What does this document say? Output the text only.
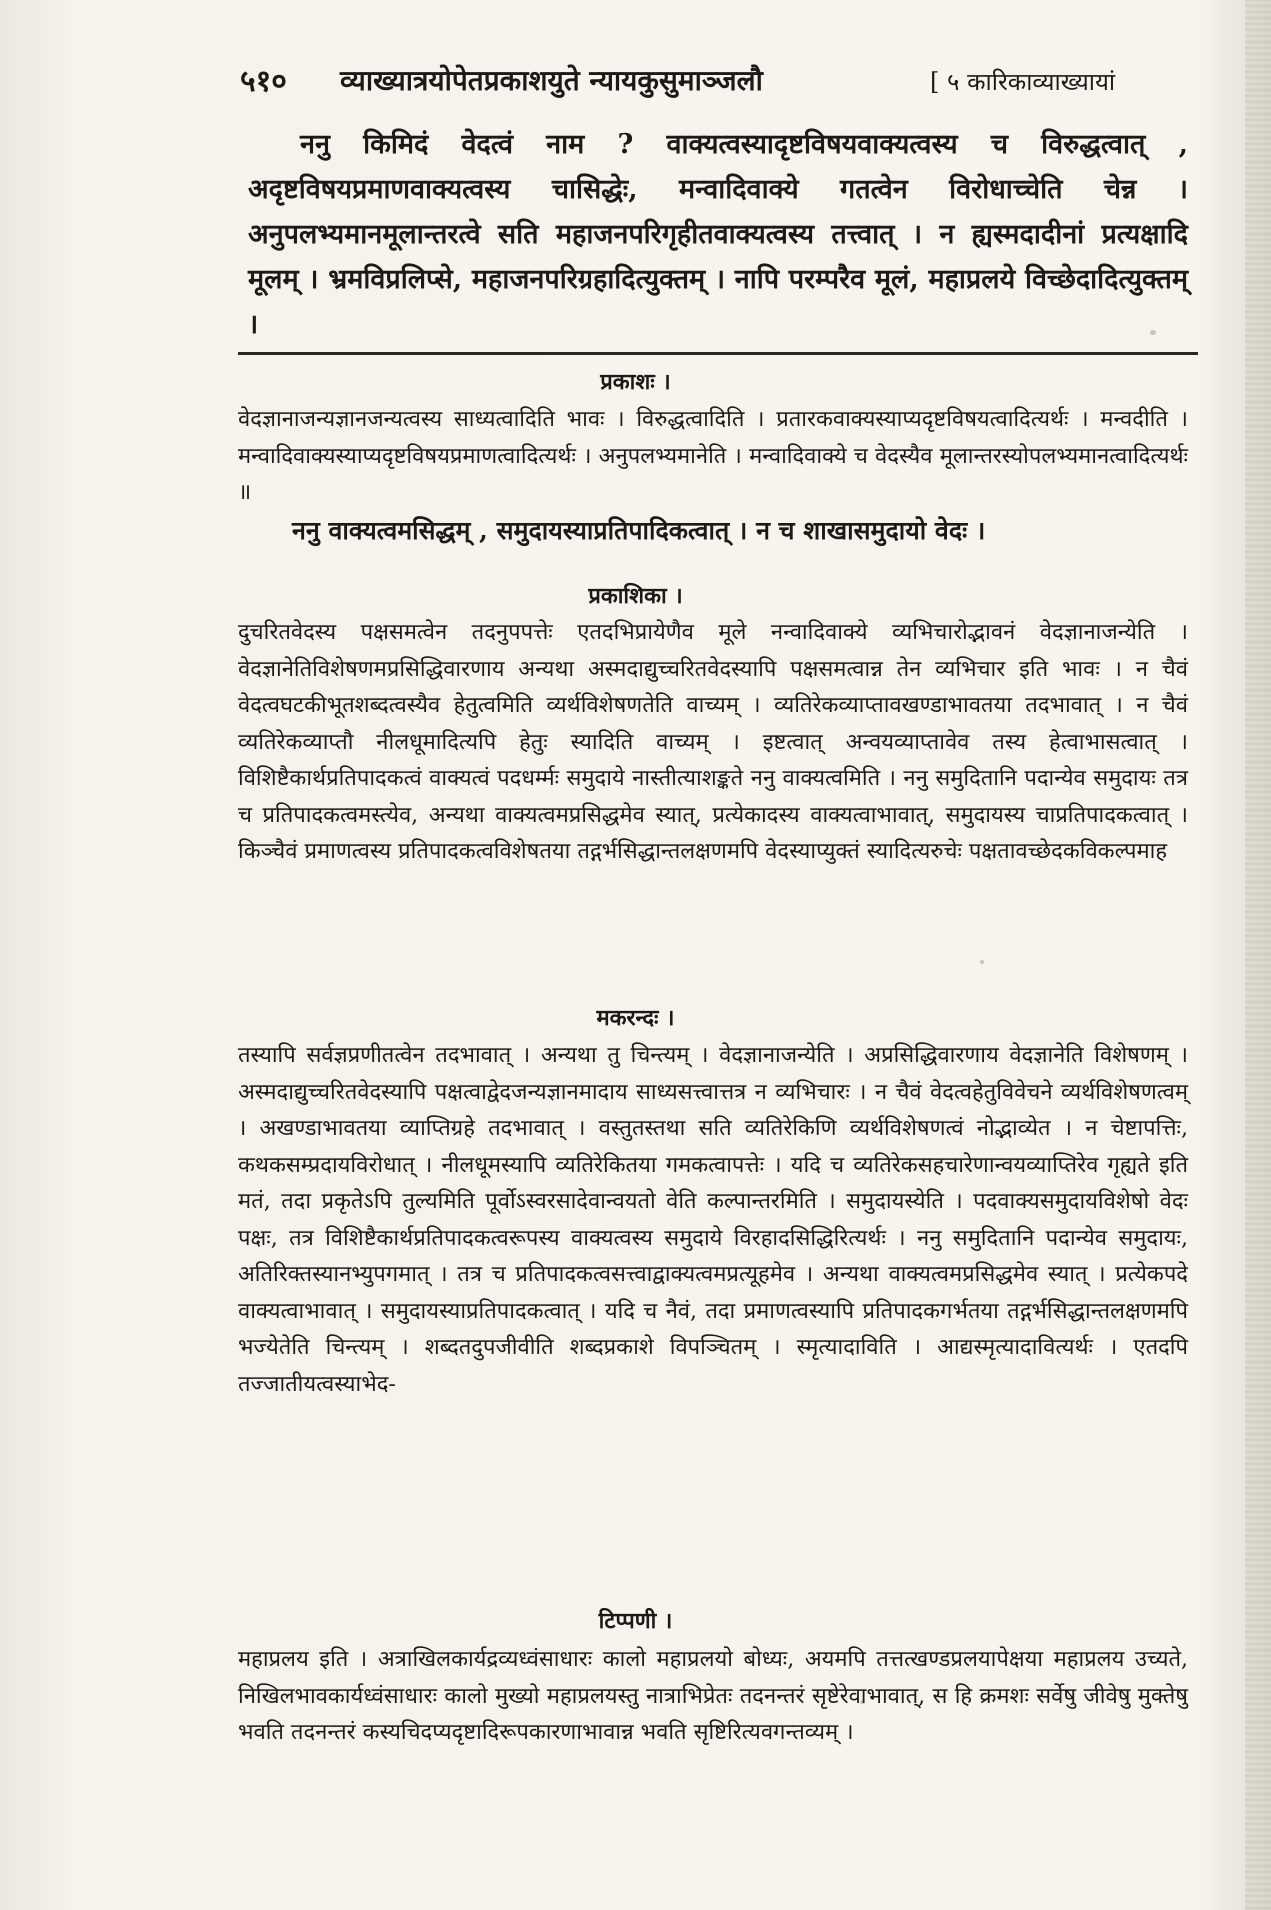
५१० व्याख्यात्रयोपेतप्रकाशयुते न्यायकुसुमाञ्जलौ	[ ५ कारिकाव्याख्यायां
ननु किमिदं वेदत्वं नाम ? वाक्यत्वस्यादृष्टविषयवाक्यत्वस्य च विरुद्धत्वात् , अदृष्टविषयप्रमाणवाक्यत्वस्य चासिद्धेः, मन्वादिवाक्ये गतत्वेन विरोधाच्चेति चेन्न । अनुपलभ्यमानमूलान्तरत्वे सति महाजनपरिगृहीतवाक्यत्वस्य तत्त्वात् । न ह्यस्मदादीनां प्रत्यक्षादि मूलम् । भ्रमविप्रलिप्से, महाजनपरिग्रहादित्युक्तम् । नापि परम्परैव मूलं, महाप्रलये विच्छेदादित्युक्तम् ।
प्रकाशः ।
वेदज्ञानाजन्यज्ञानजन्यत्वस्य साध्यत्वादिति भावः । विरुद्धत्वादिति । प्रतारकवाक्यस्याप्यदृष्टविषयत्वादित्यर्थः । मन्वदीति । मन्वादिवाक्यस्याप्यदृष्टविषयप्रमाणत्वादित्यर्थः । अनुपलभ्यमानेति । मन्वादिवाक्ये च वेदस्यैव मूलान्तरस्योपलभ्यमानत्वादित्यर्थः ॥
ननु वाक्यत्वमसिद्धम् , समुदायस्याप्रतिपादिकत्वात् । न च शाखासमुदायो वेदः ।
प्रकाशिका ।
दुचरितवेदस्य पक्षसमत्वेन तदनुपपत्तेः एतदभिप्रायेणैव मूले नन्वादिवाक्ये व्यभिचारोद्भावनं वेदज्ञानाजन्येति । वेदज्ञानेतिविशेषणमप्रसिद्धिवारणाय अन्यथा अस्मदाद्युच्चरितवेदस्यापि पक्षसमत्वान्न तेन व्यभिचार इति भावः । न चैवं वेदत्वघटकीभूतशब्दत्वस्यैव हेतुत्वमिति व्यर्थविशेषणतेति वाच्यम् । व्यतिरेकव्याप्तावखण्डाभावतया तदभावात् । न चैवं व्यतिरेकव्याप्तौ नीलधूमादित्यपि हेतुः स्यादिति वाच्यम् । इष्टत्वात् अन्वयव्याप्तावेव तस्य हेत्वाभासत्वात् । विशिष्टैकार्थप्रतिपादकत्वं वाक्यत्वं पदधर्म्मः समुदाये नास्तीत्याशङ्कते ननु वाक्यत्वमिति । ननु समुदितानि पदान्येव समुदायः तत्र च प्रतिपादकत्वमस्त्येव, अन्यथा वाक्यत्वमप्रसिद्धमेव स्यात्, प्रत्येकादस्य वाक्यत्वाभावात्, समुदायस्य चाप्रतिपादकत्वात् । किञ्चैवं प्रमाणत्वस्य प्रतिपादकत्वविशेषतया तद्गर्भसिद्धान्तलक्षणमपि वेदस्याप्युक्तं स्यादित्यरुचेः पक्षतावच्छेदकविकल्पमाह
मकरन्दः ।
तस्यापि सर्वज्ञप्रणीतत्वेन तदभावात् । अन्यथा तु चिन्त्यम् । वेदज्ञानाजन्येति । अप्रसिद्धिवारणाय वेदज्ञानेति विशेषणम् । अस्मदाद्युच्चरितवेदस्यापि पक्षत्वाद्वेदजन्यज्ञानमादाय साध्यसत्त्वात्तत्र न व्यभिचारः । न चैवं वेदत्वहेतुविवेचने व्यर्थविशेषणत्वम् । अखण्डाभावतया व्याप्तिग्रहे तदभावात् । वस्तुतस्तथा सति व्यतिरेकिणि व्यर्थविशेषणत्वं नोद्भाव्येत । न चेष्टापत्तिः, कथकसम्प्रदायविरोधात् । नीलधूमस्यापि व्यतिरेकितया गमकत्वापत्तेः । यदि च व्यतिरेकसहचारेणान्वयव्याप्तिरेव गृह्यते इति मतं, तदा प्रकृतेऽपि तुल्यमिति पूर्वोऽस्वरसादेवान्वयतो वेति कल्पान्तरमिति । समुदायस्येति । पदवाक्यसमुदायविशेषो वेदः पक्षः, तत्र विशिष्टैकार्थप्रतिपादकत्वरूपस्य वाक्यत्वस्य समुदाये विरहादसिद्धिरित्यर्थः । ननु समुदितानि पदान्येव समुदायः, अतिरिक्तस्यानभ्युपगमात् । तत्र च प्रतिपादकत्वसत्त्वाद्वाक्यत्वमप्रत्यूहमेव । अन्यथा वाक्यत्वमप्रसिद्धमेव स्यात् । प्रत्येकपदे वाक्यत्वाभावात् । समुदायस्याप्रतिपादकत्वात् । यदि च नैवं, तदा प्रमाणत्वस्यापि प्रतिपादकगर्भतया तद्गर्भसिद्धान्तलक्षणमपि भज्येतेति चिन्त्यम् । शब्दतदुपजीवीति शब्दप्रकाशे विपञ्चितम् । स्मृत्यादाविति । आद्यस्मृत्यादावित्यर्थः । एतदपि तज्जातीयत्वस्याभेद-
टिप्पणी ।
महाप्रलय इति । अत्राखिलकार्यद्रव्यध्वंसाधारः कालो महाप्रलयो बोध्यः, अयमपि तत्तत्खण्डप्रलयापेक्षया महाप्रलय उच्यते, निखिलभावकार्यध्वंसाधारः कालो मुख्यो महाप्रलयस्तु नात्राभिप्रेतः तदनन्तरं सृष्टेरेवाभावात्, स हि क्रमशः सर्वेषु जीवेषु मुक्तेषु भवति तदनन्तरं कस्यचिदप्यदृष्टादिरूपकारणाभावान्न भवति सृष्टिरित्यवगन्तव्यम् ।
